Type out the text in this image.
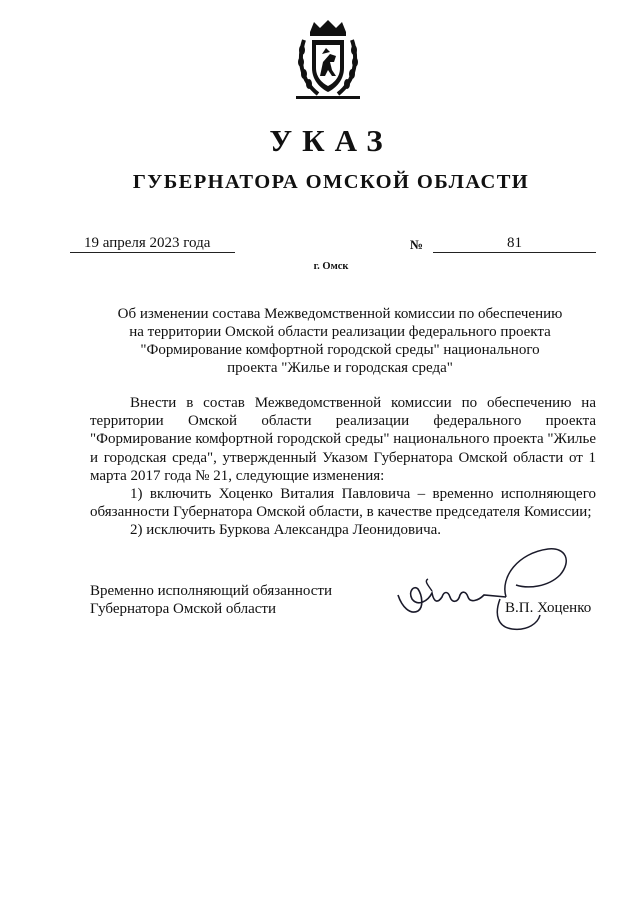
УКАЗ
ГУБЕРНАТОРА ОМСКОЙ ОБЛАСТИ
19 апреля 2023 года	№	81
г. Омск
Об изменении состава Межведомственной комиссии по обеспечению
на территории Омской области реализации федерального проекта
"Формирование комфортной городской среды" национального
проекта "Жилье и городская среда"

Внести в состав Межведомственной комиссии по обеспечению на территории Омской области реализации федерального проекта "Формирование комфортной городской среды" национального проекта "Жилье и городская среда", утвержденный Указом Губернатора Омской области от 1 марта 2017 года № 21, следующие изменения:

1) включить Хоценко Виталия Павловича – временно исполняющего обязанности Губернатора Омской области, в качестве председателя Комиссии;

2) исключить Буркова Александра Леонидовича.

Временно исполняющий обязанности
Губернатора Омской области	В.П. Хоценко
